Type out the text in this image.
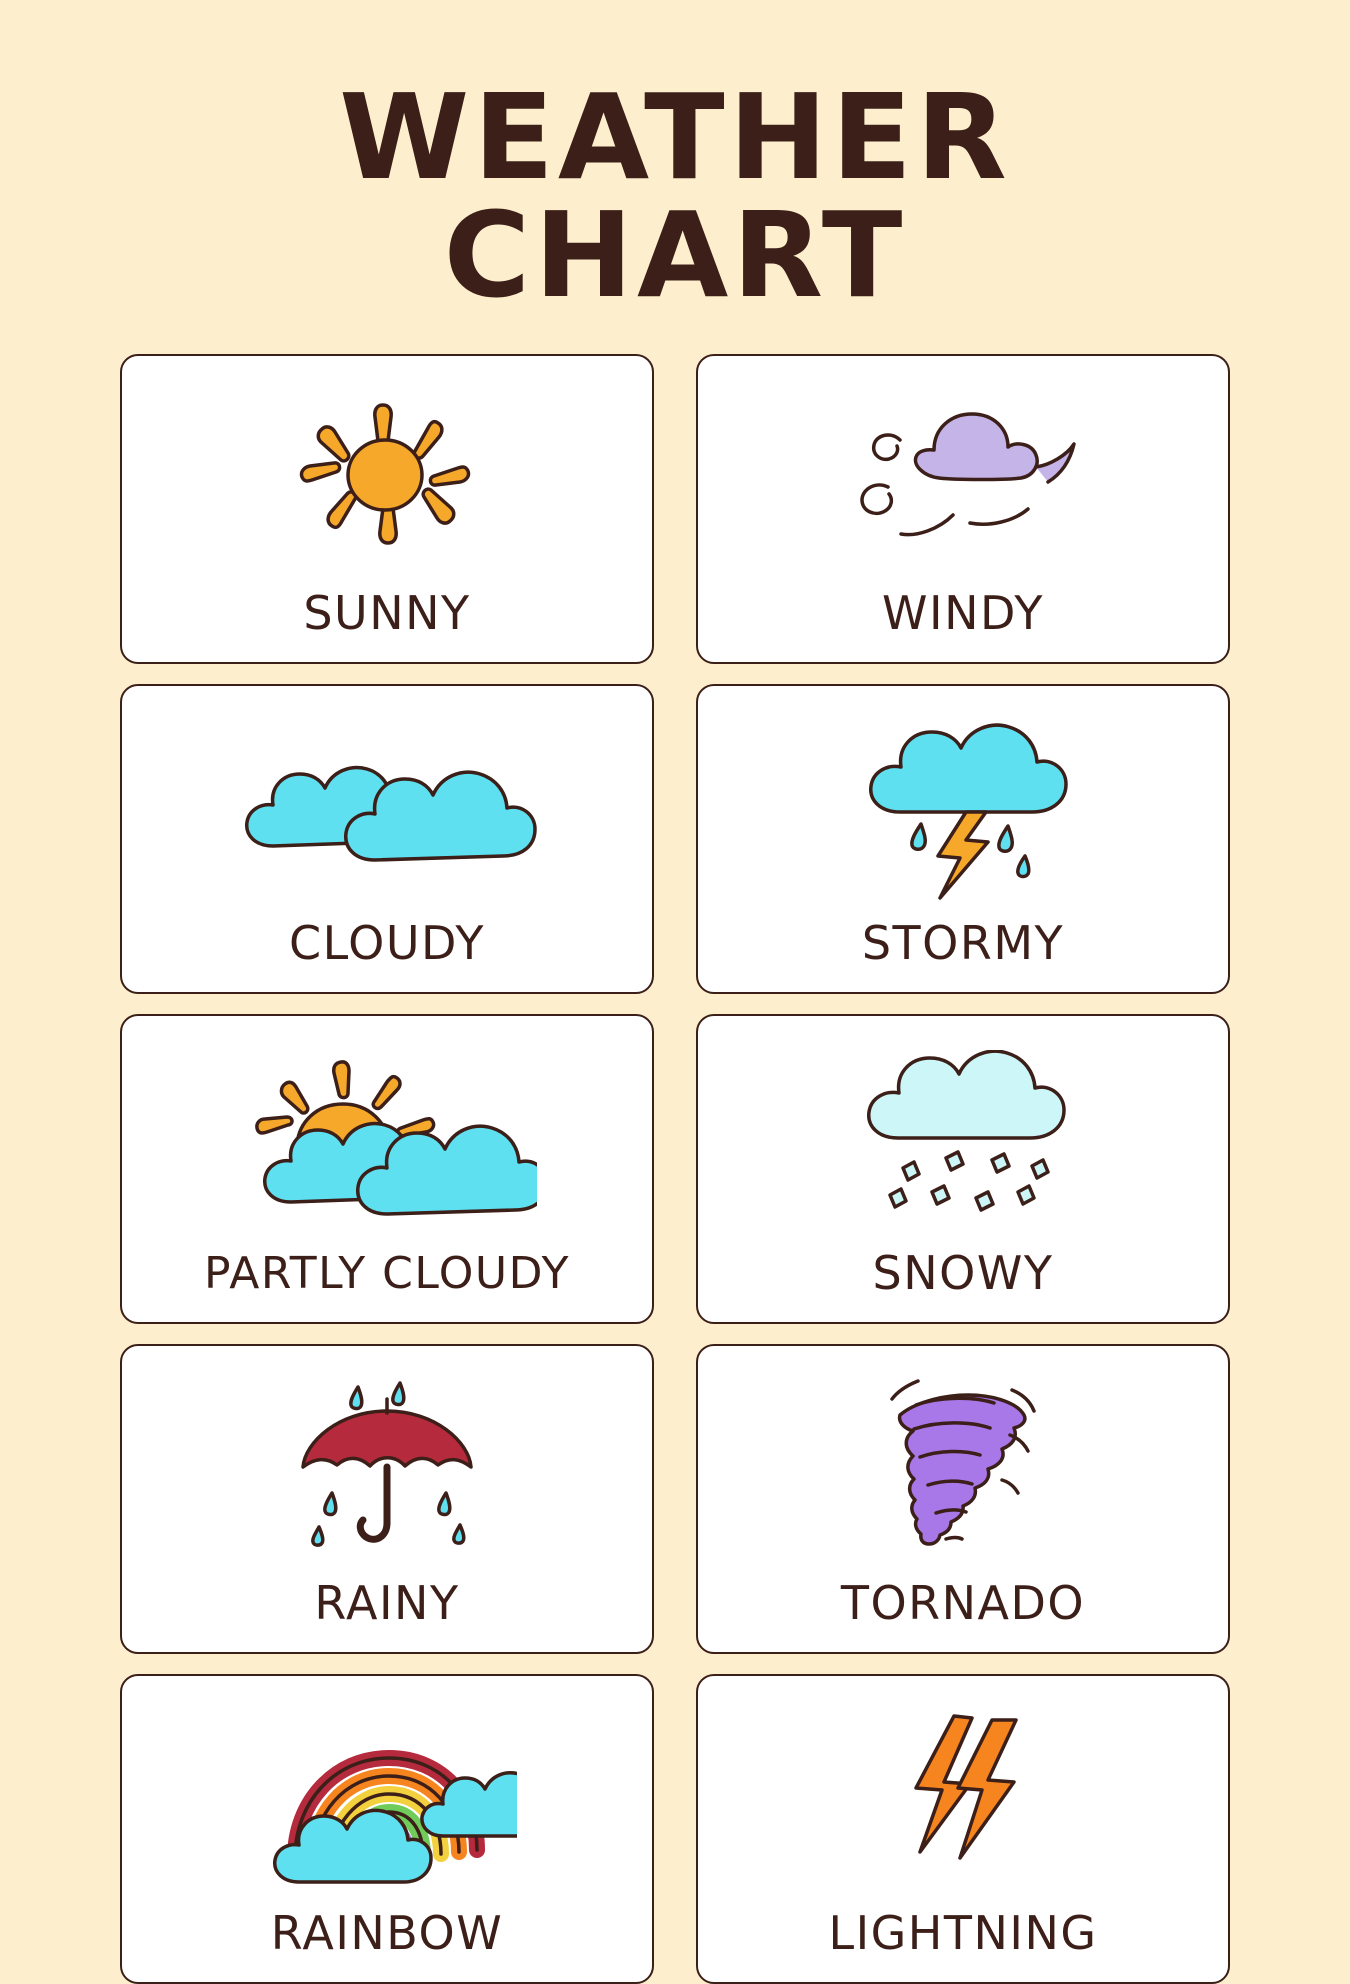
WEATHER CHART
SUNNY	WINDY
CLOUDY	STORMY
PARTLY CLOUDY	SNOWY
RAINY	TORNADO
RAINBOW	LIGHTNING
